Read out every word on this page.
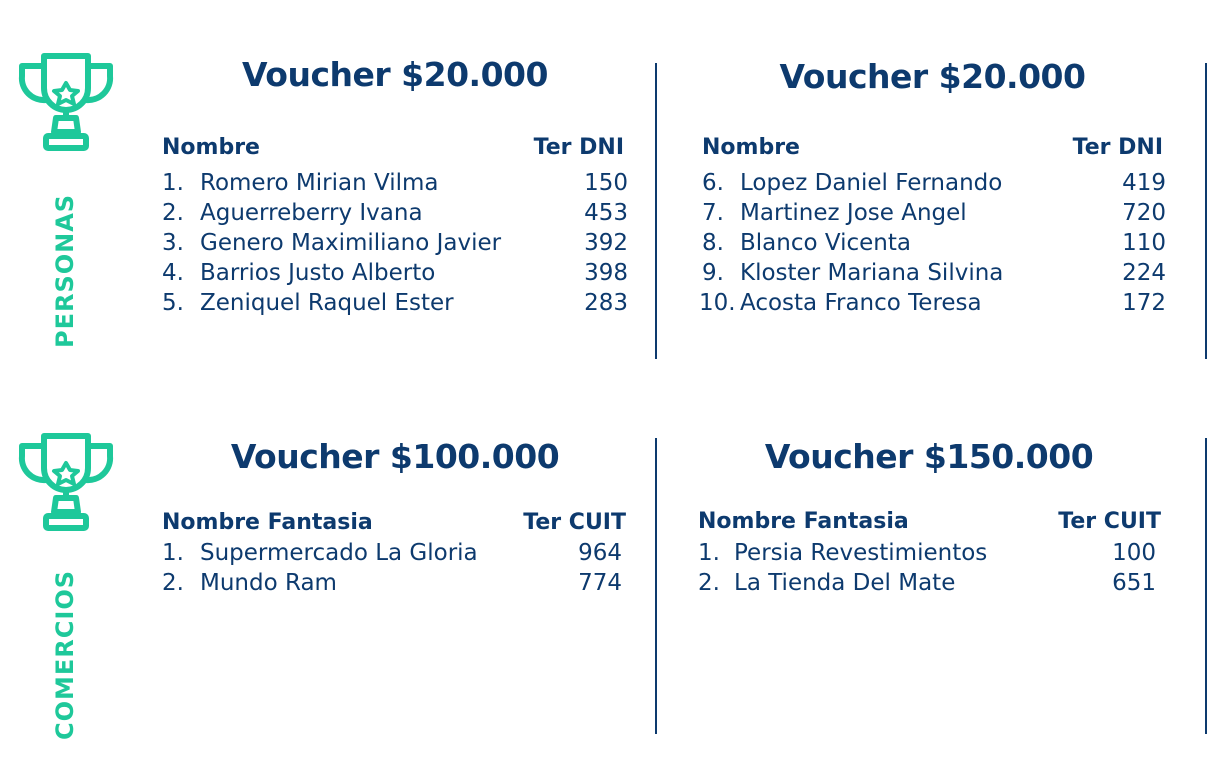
PERSONAS
COMERCIOS
Voucher $20.000
Nombre	Ter DNI
1. Romero Mirian Vilma	150
2. Aguerreberry Ivana	453
3. Genero Maximiliano Javier	392
4. Barrios Justo Alberto	398
5. Zeniquel Raquel Ester	283
Voucher $20.000
Nombre	Ter DNI
6. Lopez Daniel Fernando	419
7. Martinez Jose Angel	720
8. Blanco Vicenta	110
9. Kloster Mariana Silvina	224
10. Acosta Franco Teresa	172
Voucher $100.000
Nombre Fantasia	Ter CUIT
1. Supermercado La Gloria	964
2. Mundo Ram	774
Voucher $150.000
Nombre Fantasia	Ter CUIT
1. Persia Revestimientos	100
2. La Tienda Del Mate	651
